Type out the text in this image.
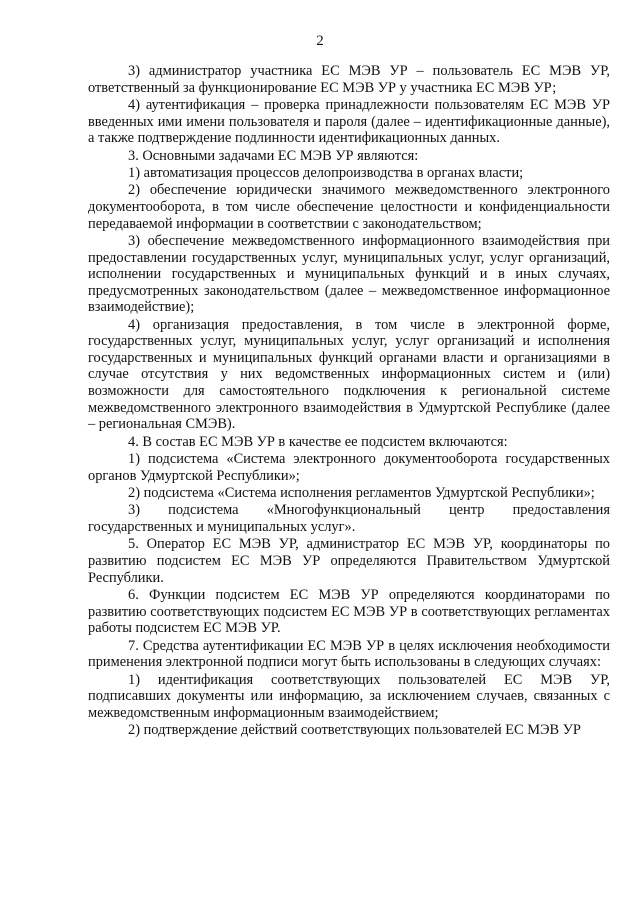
2

3) администратор участника ЕС МЭВ УР – пользователь ЕС МЭВ УР, ответственный за функционирование ЕС МЭВ УР у участника ЕС МЭВ УР;

4) аутентификация – проверка принадлежности пользователям ЕС МЭВ УР введенных ими имени пользователя и пароля (далее – идентификационные данные), а также подтверждение подлинности идентификационных данных.

3. Основными задачами ЕС МЭВ УР являются:

1) автоматизация процессов делопроизводства в органах власти;

2) обеспечение юридически значимого межведомственного электронного документооборота, в том числе обеспечение целостности и конфиденциальности передаваемой информации в соответствии с законодательством;

3) обеспечение межведомственного информационного взаимодействия при предоставлении государственных услуг, муниципальных услуг, услуг организаций, исполнении государственных и муниципальных функций и в иных случаях, предусмотренных законодательством (далее – межведомственное информационное взаимодействие);

4) организация предоставления, в том числе в электронной форме, государственных услуг, муниципальных услуг, услуг организаций и исполнения государственных и муниципальных функций органами власти и организациями в случае отсутствия у них ведомственных информационных систем и (или) возможности для самостоятельного подключения к региональной системе межведомственного электронного взаимодействия в Удмуртской Республике (далее – региональная СМЭВ).

4. В состав ЕС МЭВ УР в качестве ее подсистем включаются:

1) подсистема «Система электронного документооборота государственных органов Удмуртской Республики»;

2) подсистема «Система исполнения регламентов Удмуртской Республики»;

3) подсистема «Многофункциональный центр предоставления государственных и муниципальных услуг».

5. Оператор ЕС МЭВ УР, администратор ЕС МЭВ УР, координаторы по развитию подсистем ЕС МЭВ УР определяются Правительством Удмуртской Республики.

6. Функции подсистем ЕС МЭВ УР определяются координаторами по развитию соответствующих подсистем ЕС МЭВ УР в соответствующих регламентах работы подсистем ЕС МЭВ УР.

7. Средства аутентификации ЕС МЭВ УР в целях исключения необходимости применения электронной подписи могут быть использованы в следующих случаях:

1) идентификация соответствующих пользователей ЕС МЭВ УР, подписавших документы или информацию, за исключением случаев, связанных с межведомственным информационным взаимодействием;

2) подтверждение действий соответствующих пользователей ЕС МЭВ УР
